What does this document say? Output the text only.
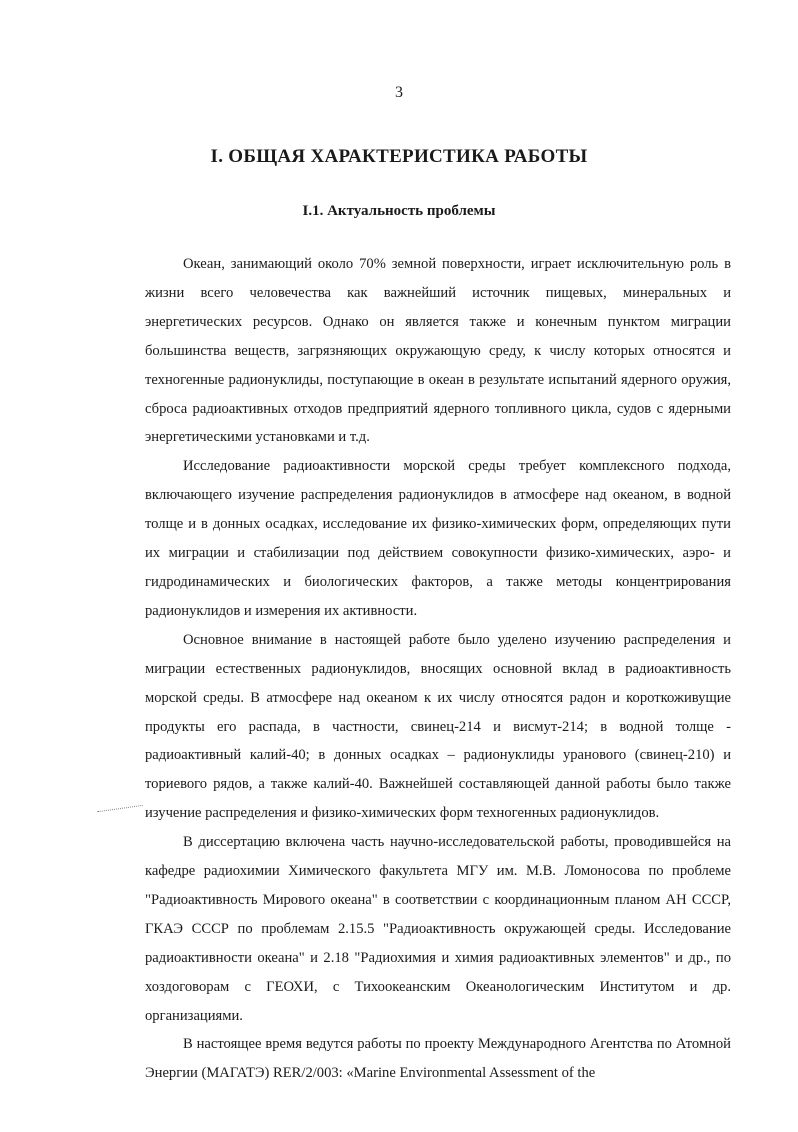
3
I. ОБЩАЯ ХАРАКТЕРИСТИКА РАБОТЫ
I.1. Актуальность проблемы

Океан, занимающий около 70% земной поверхности, играет исключительную роль в жизни всего человечества как важнейший источник пищевых, минеральных и энергетических ресурсов. Однако он является также и конечным пунктом миграции большинства веществ, загрязняющих окружающую среду, к числу которых относятся и техногенные радионуклиды, поступающие в океан в результате испытаний ядерного оружия, сброса радиоактивных отходов предприятий ядерного топливного цикла, судов с ядерными энергетическими установками и т.д.

Исследование радиоактивности морской среды требует комплексного подхода, включающего изучение распределения радионуклидов в атмосфере над океаном, в водной толще и в донных осадках, исследование их физико-химических форм, определяющих пути их миграции и стабилизации под действием совокупности физико-химических, аэро- и гидродинамических и биологических факторов, а также методы концентрирования радионуклидов и измерения их активности.

Основное внимание в настоящей работе было уделено изучению распределения и миграции естественных радионуклидов, вносящих основной вклад в радиоактивность морской среды. В атмосфере над океаном к их числу относятся радон и короткоживущие продукты его распада, в частности, свинец-214 и висмут-214; в водной толще - радиоактивный калий-40; в донных осадках – радионуклиды уранового (свинец-210) и ториевого рядов, а также калий-40. Важнейшей составляющей данной работы было также изучение распределения и физико-химических форм техногенных радионуклидов.

В диссертацию включена часть научно-исследовательской работы, проводившейся на кафедре радиохимии Химического факультета МГУ им. М.В. Ломоносова по проблеме "Радиоактивность Мирового океана" в соответствии с координационным планом АН СССР, ГКАЭ СССР по проблемам 2.15.5 "Радиоактивность окружающей среды. Исследование радиоактивности океана" и 2.18 "Радиохимия и химия радиоактивных элементов" и др., по хоздоговорам с ГЕОХИ, с Тихоокеанским Океанологическим Институтом и др. организациями.

В настоящее время ведутся работы по проекту Международного Агентства по Атомной Энергии (МАГАТЭ) RER/2/003: «Marine Environmental Assessment of the
